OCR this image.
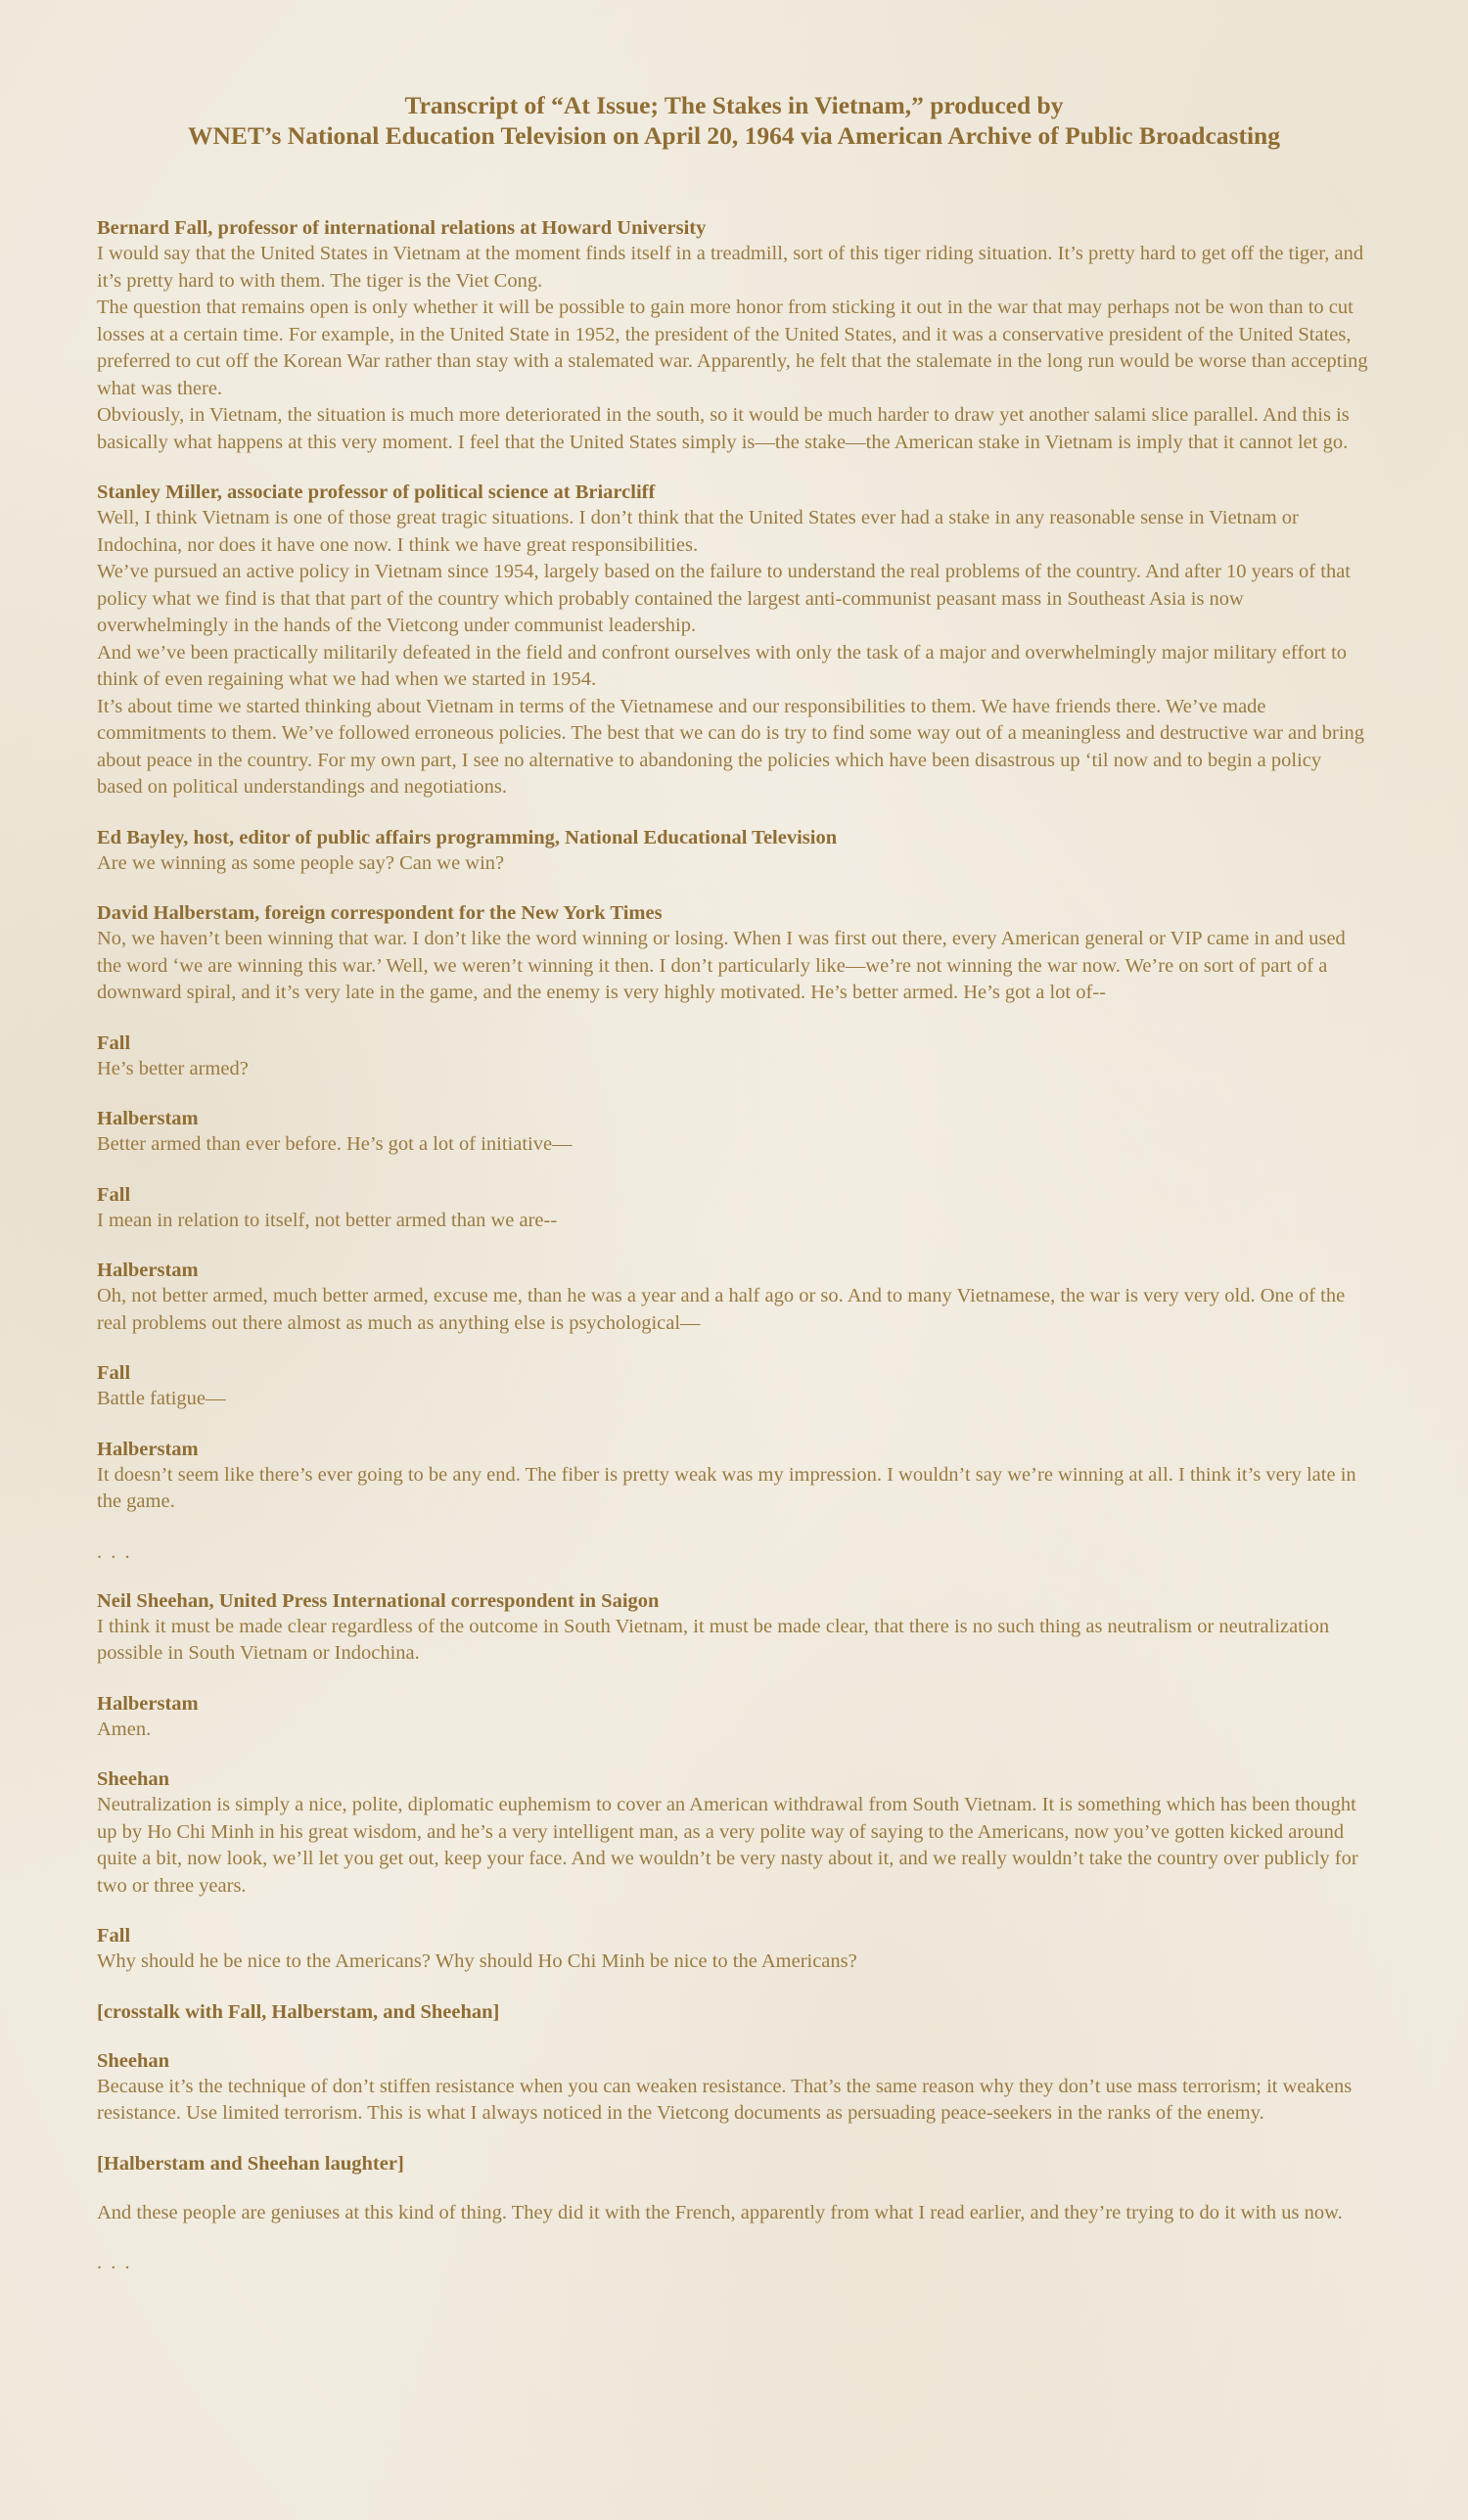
Transcript of “At Issue; The Stakes in Vietnam,” produced by
WNET’s National Education Television on April 20, 1964 via American Archive of Public Broadcasting
Bernard Fall, professor of international relations at Howard University

I would say that the United States in Vietnam at the moment finds itself in a treadmill, sort of this tiger riding situation. It’s pretty hard to get off the tiger, and it’s pretty hard to with them. The tiger is the Viet Cong.

The question that remains open is only whether it will be possible to gain more honor from sticking it out in the war that may perhaps not be won than to cut losses at a certain time. For example, in the United State in 1952, the president of the United States, and it was a conservative president of the United States, preferred to cut off the Korean War rather than stay with a stalemated war. Apparently, he felt that the stalemate in the long run would be worse than accepting what was there.

Obviously, in Vietnam, the situation is much more deteriorated in the south, so it would be much harder to draw yet another salami slice parallel. And this is basically what happens at this very moment. I feel that the United States simply is—the stake—the American stake in Vietnam is imply that it cannot let go.

Stanley Miller, associate professor of political science at Briarcliff

Well, I think Vietnam is one of those great tragic situations. I don’t think that the United States ever had a stake in any reasonable sense in Vietnam or Indochina, nor does it have one now. I think we have great responsibilities.

We’ve pursued an active policy in Vietnam since 1954, largely based on the failure to understand the real problems of the country. And after 10 years of that policy what we find is that that part of the country which probably contained the largest anti-communist peasant mass in Southeast Asia is now overwhelmingly in the hands of the Vietcong under communist leadership.

And we’ve been practically militarily defeated in the field and confront ourselves with only the task of a major and overwhelmingly major military effort to think of even regaining what we had when we started in 1954.

It’s about time we started thinking about Vietnam in terms of the Vietnamese and our responsibilities to them. We have friends there. We’ve made commitments to them. We’ve followed erroneous policies. The best that we can do is try to find some way out of a meaningless and destructive war and bring about peace in the country. For my own part, I see no alternative to abandoning the policies which have been disastrous up ‘til now and to begin a policy based on political understandings and negotiations.

Ed Bayley, host, editor of public affairs programming, National Educational Television

Are we winning as some people say? Can we win?

David Halberstam, foreign correspondent for the New York Times

No, we haven’t been winning that war. I don’t like the word winning or losing. When I was first out there, every American general or VIP came in and used the word ‘we are winning this war.’ Well, we weren’t winning it then. I don’t particularly like—we’re not winning the war now. We’re on sort of part of a downward spiral, and it’s very late in the game, and the enemy is very highly motivated. He’s better armed. He’s got a lot of--

Fall

He’s better armed?

Halberstam

Better armed than ever before. He’s got a lot of initiative—

Fall

I mean in relation to itself, not better armed than we are--

Halberstam

Oh, not better armed, much better armed, excuse me, than he was a year and a half ago or so. And to many Vietnamese, the war is very very old. One of the real problems out there almost as much as anything else is psychological—

Fall

Battle fatigue—

Halberstam

It doesn’t seem like there’s ever going to be any end. The fiber is pretty weak was my impression. I wouldn’t say we’re winning at all. I think it’s very late in the game.

. . .
Neil Sheehan, United Press International correspondent in Saigon

I think it must be made clear regardless of the outcome in South Vietnam, it must be made clear, that there is no such thing as neutralism or neutralization possible in South Vietnam or Indochina.

Halberstam

Amen.

Sheehan

Neutralization is simply a nice, polite, diplomatic euphemism to cover an American withdrawal from South Vietnam. It is something which has been thought up by Ho Chi Minh in his great wisdom, and he’s a very intelligent man, as a very polite way of saying to the Americans, now you’ve gotten kicked around quite a bit, now look, we’ll let you get out, keep your face. And we wouldn’t be very nasty about it, and we really wouldn’t take the country over publicly for two or three years.

Fall

Why should he be nice to the Americans? Why should Ho Chi Minh be nice to the Americans?

[crosstalk with Fall, Halberstam, and Sheehan]
Sheehan

Because it’s the technique of don’t stiffen resistance when you can weaken resistance. That’s the same reason why they don’t use mass terrorism; it weakens resistance. Use limited terrorism. This is what I always noticed in the Vietcong documents as persuading peace-seekers in the ranks of the enemy.

[Halberstam and Sheehan laughter]

And these people are geniuses at this kind of thing. They did it with the French, apparently from what I read earlier, and they’re trying to do it with us now.

. . .
